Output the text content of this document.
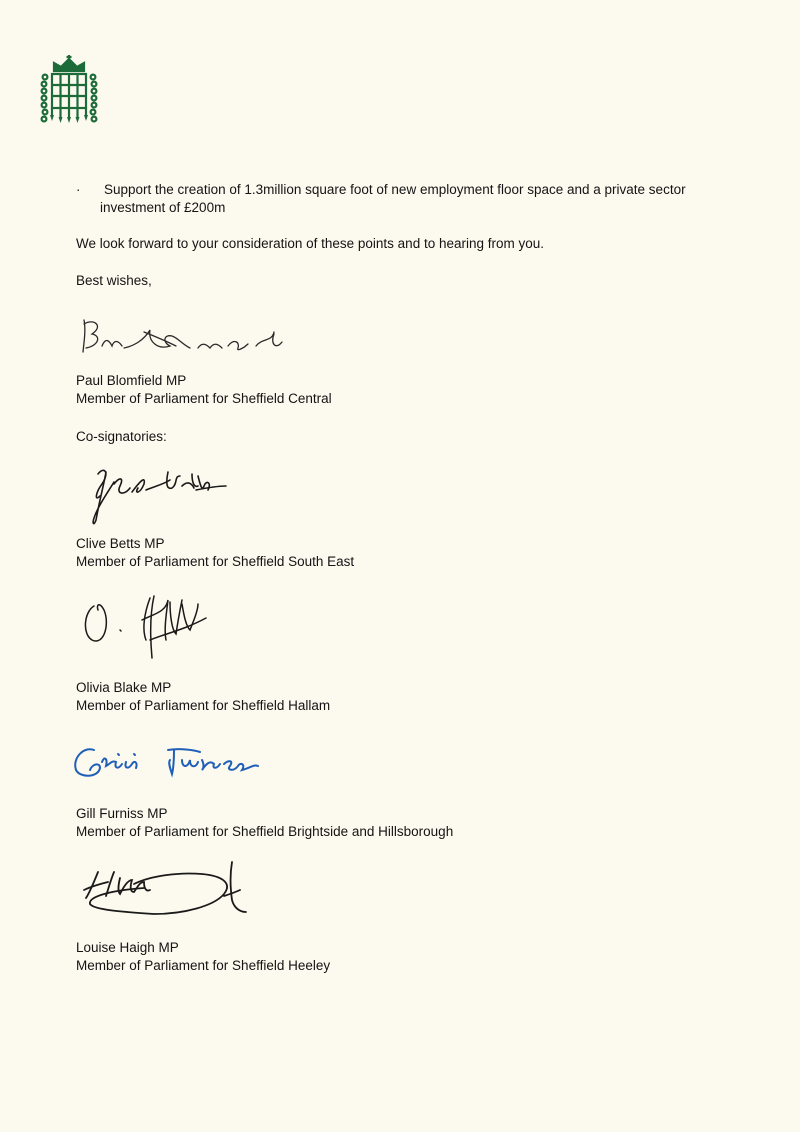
· Support the creation of 1.3million square foot of new employment floor space and a private sector
investment of £200m
We look forward to your consideration of these points and to hearing from you.
Best wishes,
Paul Blomfield MP
Member of Parliament for Sheffield Central
Co-signatories:
Clive Betts MP
Member of Parliament for Sheffield South East
Olivia Blake MP
Member of Parliament for Sheffield Hallam
Gill Furniss MP
Member of Parliament for Sheffield Brightside and Hillsborough
Louise Haigh MP
Member of Parliament for Sheffield Heeley
